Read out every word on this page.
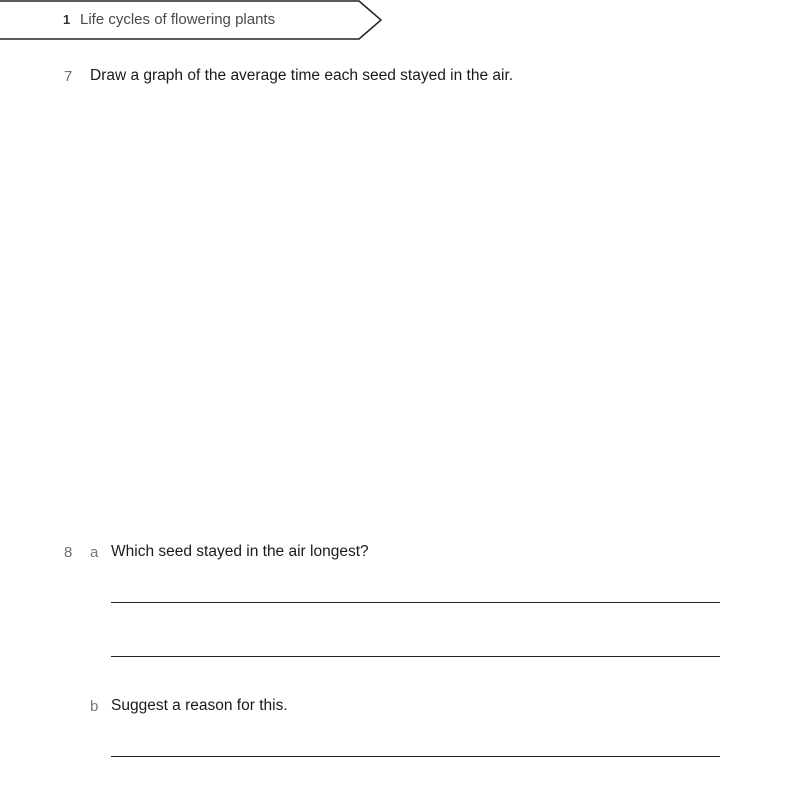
1 Life cycles of flowering plants
7 Draw a graph of the average time each seed stayed in the air.
8 a Which seed stayed in the air longest?
b Suggest a reason for this.
